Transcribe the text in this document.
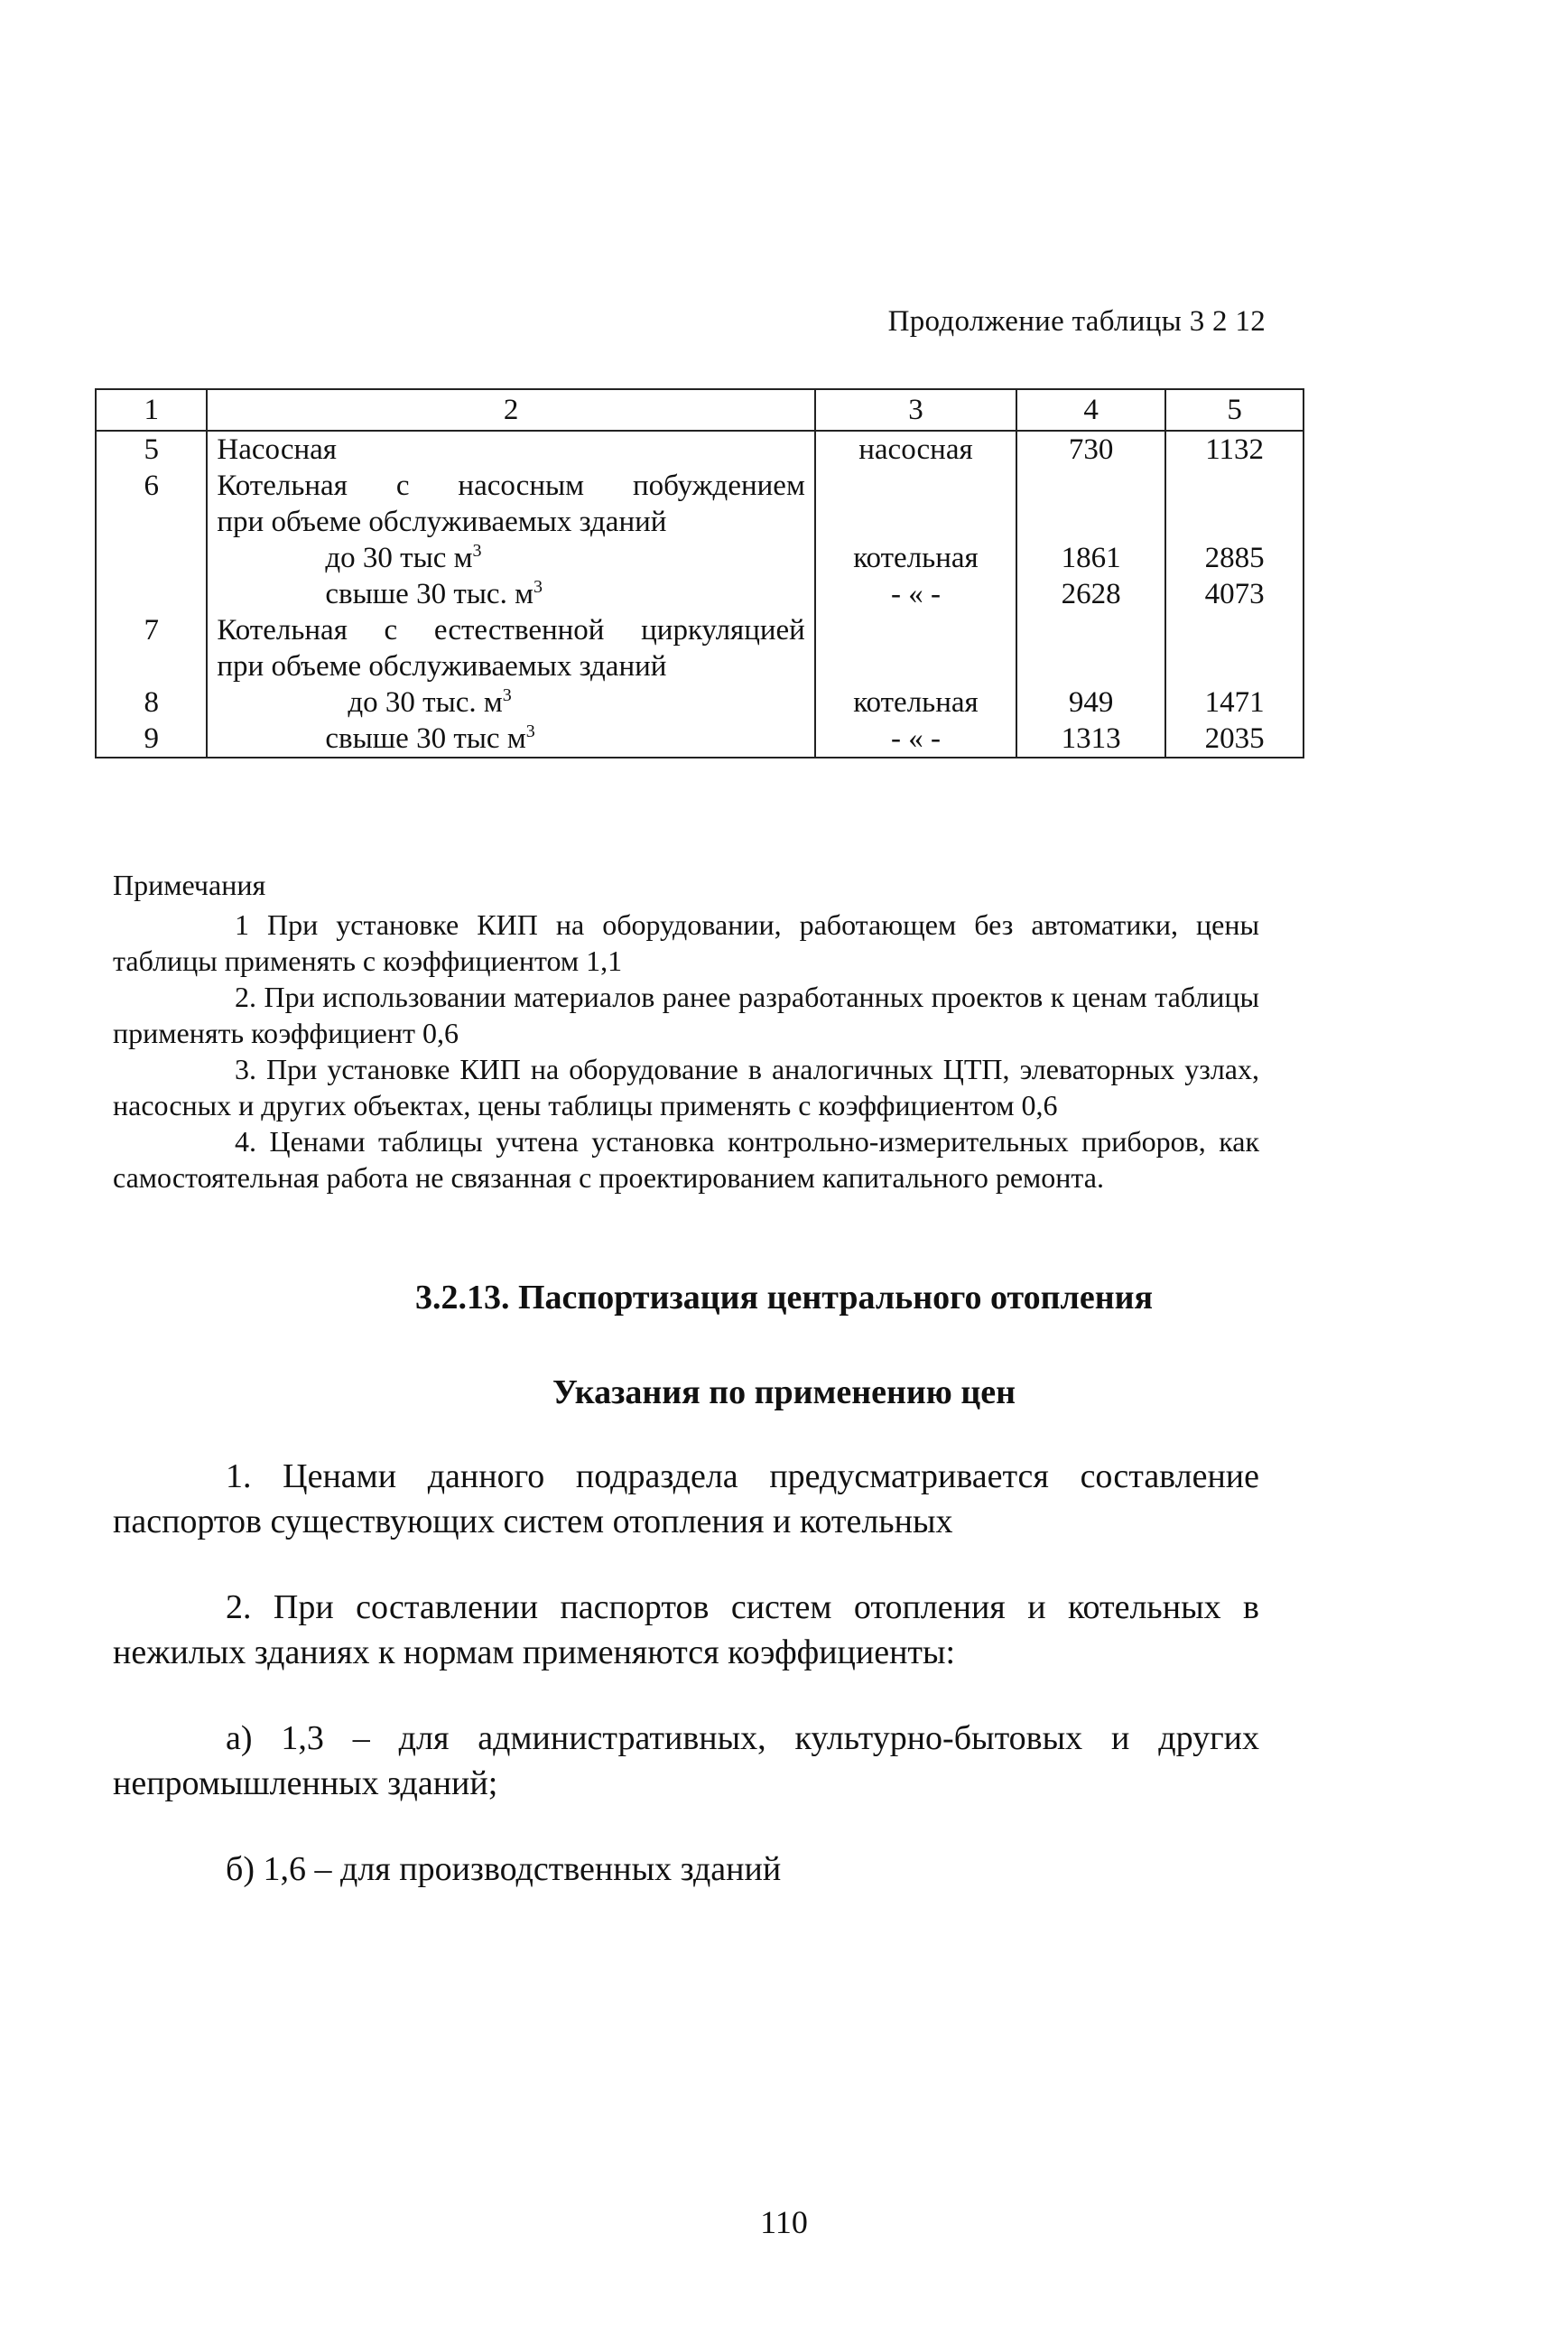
Продолжение таблицы 3 2 12
1	2	3	4	5
5	Насосная	насосная	730	1132
6	Котельная с насосным побуждением			
	при объеме обслуживаемых зданий			
	до 30 тыс $м^3$	котельная	1861	2885
	свыше 30 тыс. $м^3$	- « -	2628	4073
7	Котельная с естественной циркуляцией			
	при объеме обслуживаемых зданий			
8	до 30 тыс. $м^3$	котельная	949	1471
9	свыше 30 тыс $м^3$	- « -	1313	2035
Примечания

1 При установке КИП на оборудовании, работающем без автоматики, цены таблицы применять с коэффициентом 1,1

2. При использовании материалов ранее разработанных проектов к ценам таблицы применять коэффициент 0,6

3. При установке КИП на оборудование в аналогичных ЦТП, элеваторных узлах, насосных и других объектах, цены таблицы применять с коэффициентом 0,6

4. Ценами таблицы учтена установка контрольно-измерительных приборов, как самостоятельная работа не связанная с проектированием капитального ремонта.

3.2.13. Паспортизация центрального отопления
Указания по применению цен

1. Ценами данного подраздела предусматривается составление паспортов существующих систем отопления и котельных

2. При составлении паспортов систем отопления и котельных в нежилых зданиях к нормам применяются коэффициенты:

а) 1,3 – для административных, культурно-бытовых и других непромышленных зданий;

б) 1,6 – для производственных зданий

110
